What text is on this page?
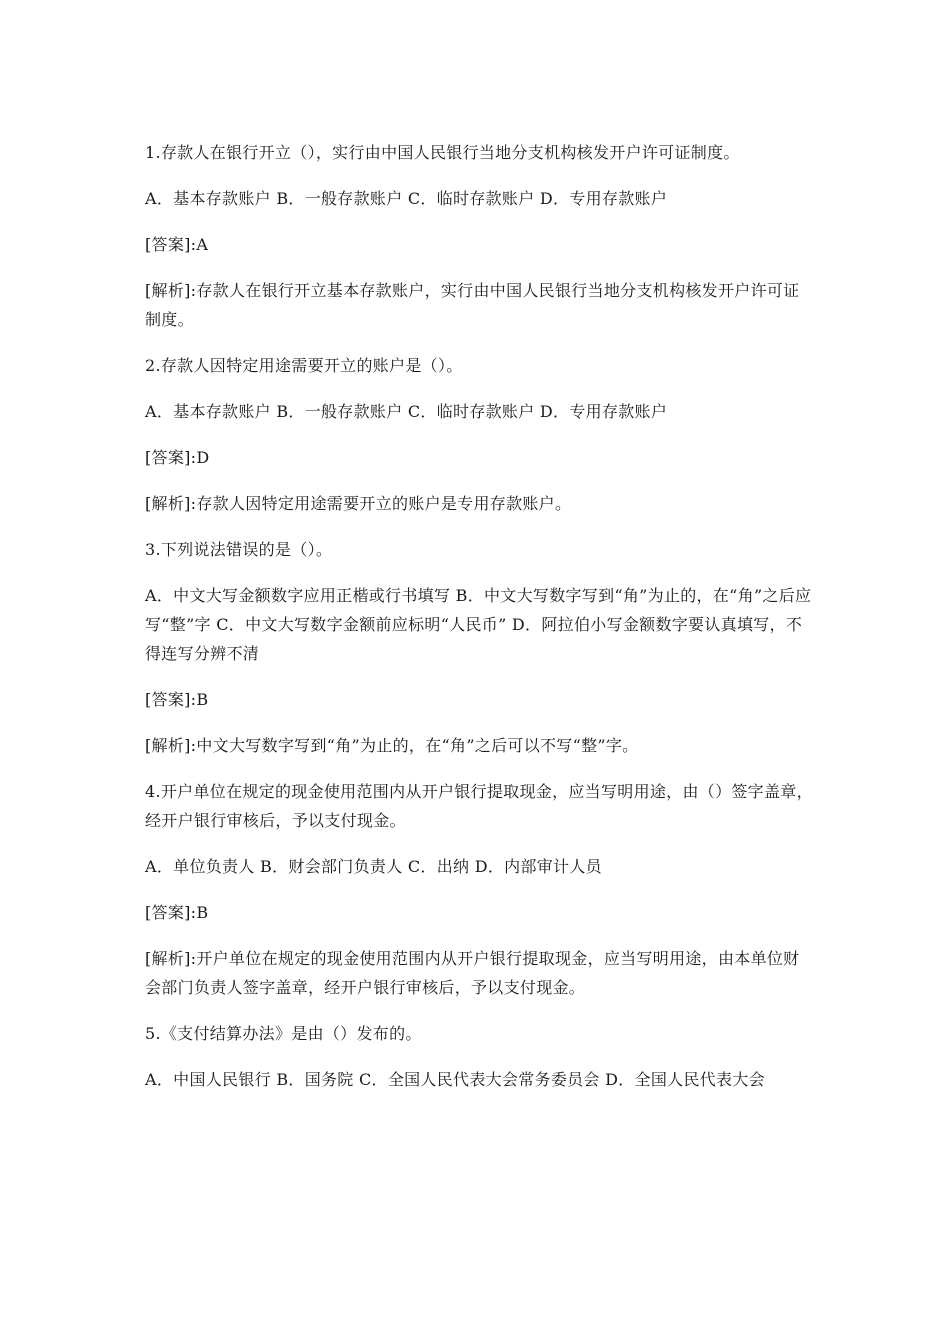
1.存款人在银行开立（），实行由中国人民银行当地分支机构核发开户许可证制度。

A．基本存款账户 B．一般存款账户 C．临时存款账户 D．专用存款账户

[答案]:A

[解析]:存款人在银行开立基本存款账户，实行由中国人民银行当地分支机构核发开户许可证制度。

2.存款人因特定用途需要开立的账户是（）。

A．基本存款账户 B．一般存款账户 C．临时存款账户 D．专用存款账户

[答案]:D

[解析]:存款人因特定用途需要开立的账户是专用存款账户。

3.下列说法错误的是（）。

A．中文大写金额数字应用正楷或行书填写 B．中文大写数字写到“角”为止的，在“角”之后应写“整”字 C．中文大写数字金额前应标明“人民币” D．阿拉伯小写金额数字要认真填写，不得连写分辨不清

[答案]:B

[解析]:中文大写数字写到“角”为止的，在“角”之后可以不写“整”字。

4.开户单位在规定的现金使用范围内从开户银行提取现金，应当写明用途，由（）签字盖章，经开户银行审核后，予以支付现金。

A．单位负责人 B．财会部门负责人 C．出纳 D．内部审计人员

[答案]:B

[解析]:开户单位在规定的现金使用范围内从开户银行提取现金，应当写明用途，由本单位财会部门负责人签字盖章，经开户银行审核后，予以支付现金。

5.《支付结算办法》是由（）发布的。

A．中国人民银行 B．国务院 C．全国人民代表大会常务委员会 D．全国人民代表大会
